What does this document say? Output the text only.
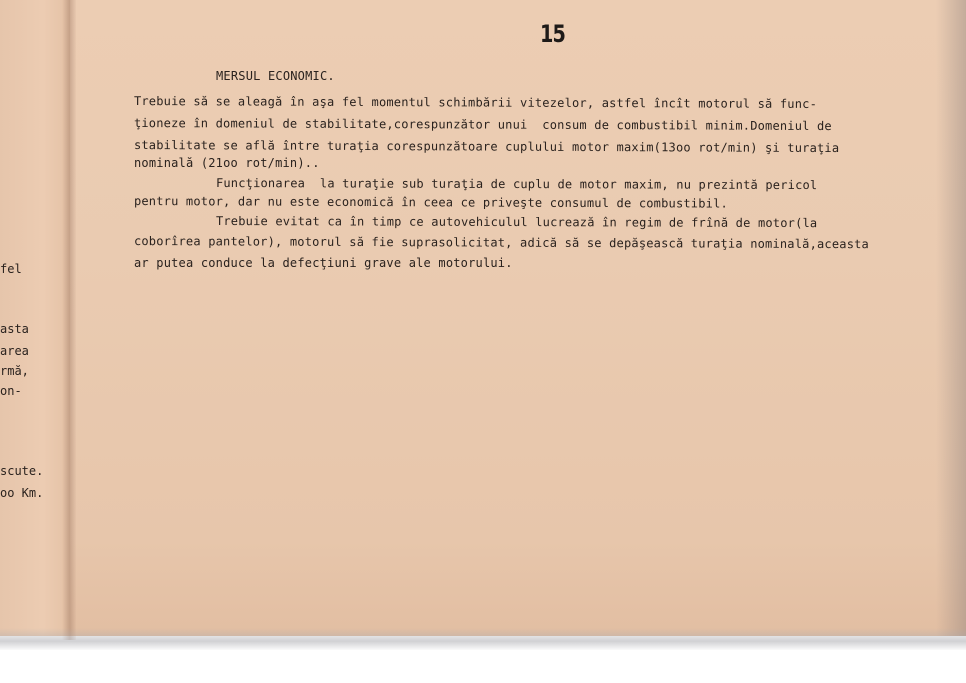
fel
asta
area
rmă,
on-
scute.
oo Km.
15
MERSUL ECONOMIC.
Trebuie să se aleagă în aşa fel momentul schimbării vitezelor, astfel încît motorul să func-
ţioneze în domeniul de stabilitate,corespunzător unui  consum de combustibil minim.Domeniul de
stabilitate se află între turaţia corespunzătoare cuplului motor maxim(13oo rot/min) şi turaţia
nominală (21oo rot/min)..
Funcţionarea  la turaţie sub turaţia de cuplu de motor maxim, nu prezintă pericol
pentru motor, dar nu este economică în ceea ce priveşte consumul de combustibil.
Trebuie evitat ca în timp ce autovehiculul lucrează în regim de frînă de motor(la
coborîrea pantelor), motorul să fie suprasolicitat, adică să se depăşească turaţia nominală,aceasta
ar putea conduce la defecţiuni grave ale motorului.
